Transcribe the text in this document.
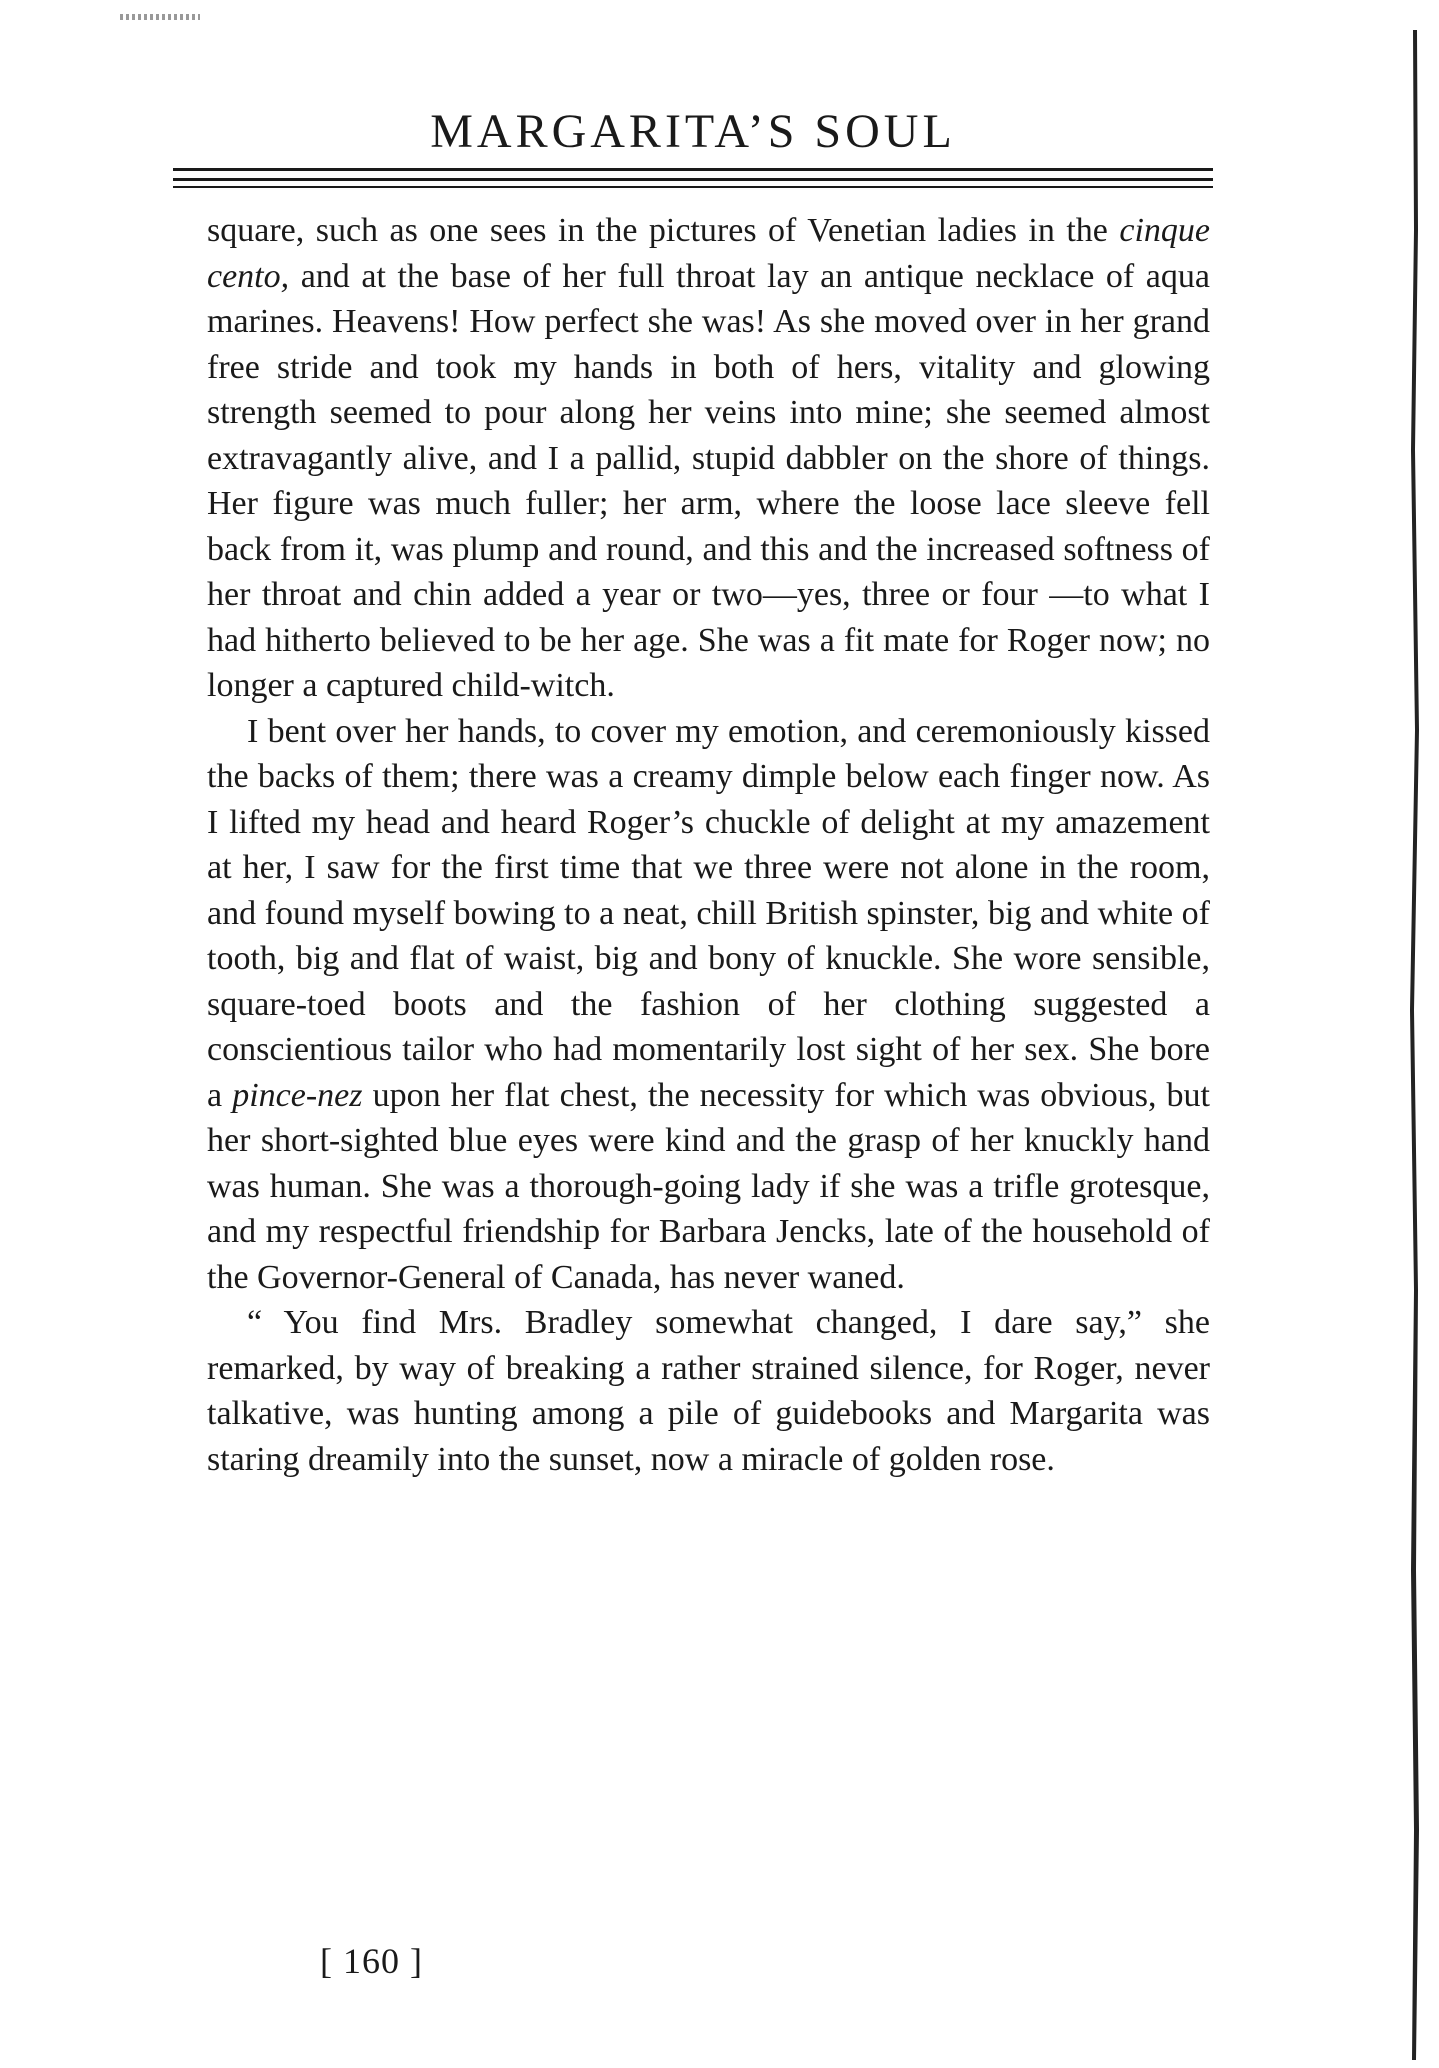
MARGARITA’S SOUL

square, such as one sees in the pictures of Venetian ladies in the cinque cento, and at the base of her full throat lay an antique necklace of aqua marines. Heavens! How perfect she was! As she moved over in her grand free stride and took my hands in both of hers, vitality and glowing strength seemed to pour along her veins into mine; she seemed almost extravagantly alive, and I a pallid, stupid dabbler on the shore of things. Her figure was much fuller; her arm, where the loose lace sleeve fell back from it, was plump and round, and this and the increased softness of her throat and chin added a year or two—yes, three or four —to what I had hitherto believed to be her age. She was a fit mate for Roger now; no longer a captured child-witch.

I bent over her hands, to cover my emotion, and ceremoniously kissed the backs of them; there was a creamy dimple below each finger now. As I lifted my head and heard Roger’s chuckle of delight at my amazement at her, I saw for the first time that we three were not alone in the room, and found myself bowing to a neat, chill British spinster, big and white of tooth, big and flat of waist, big and bony of knuckle. She wore sensible, square-toed boots and the fashion of her clothing suggested a conscientious tailor who had momentarily lost sight of her sex. She bore a pince-nez upon her flat chest, the necessity for which was obvious, but her short-sighted blue eyes were kind and the grasp of her knuckly hand was human. She was a thorough-going lady if she was a trifle grotesque, and my respectful friendship for Barbara Jencks, late of the household of the Governor-General of Canada, has never waned.

“ You find Mrs. Bradley somewhat changed, I dare say,” she remarked, by way of breaking a rather strained silence, for Roger, never talkative, was hunting among a pile of guidebooks and Margarita was staring dreamily into the sunset, now a miracle of golden rose.

[ 160 ]
